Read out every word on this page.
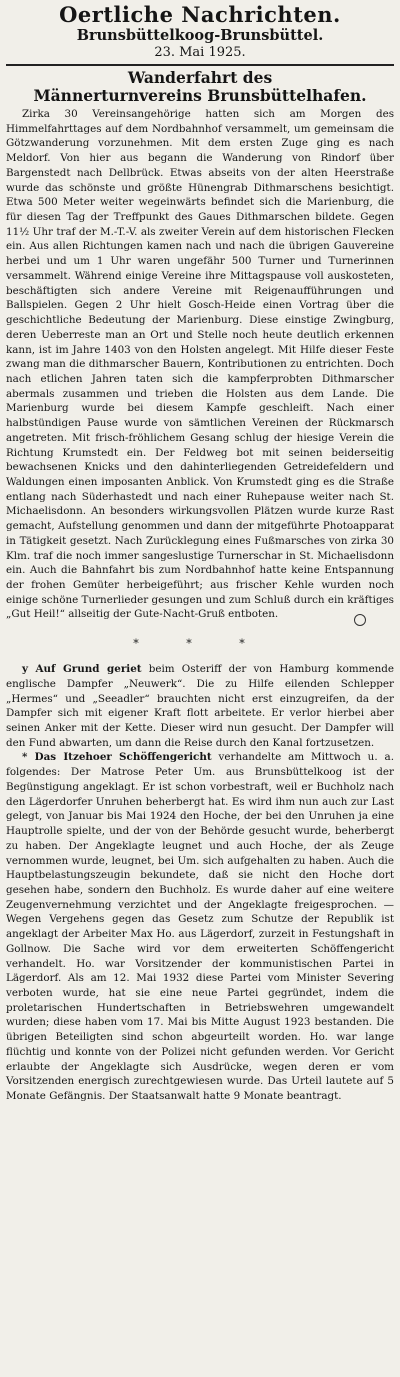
Oertliche Nachrichten.
Brunsbüttelkoog-Brunsbüttel.
23. Mai 1925.
Wanderfahrt des
Männerturnvereins Brunsbüttelhafen.

Zirka 30 Vereinsangehörige hatten sich am Morgen des Himmelfahrttages auf dem Nordbahnhof versammelt, um gemeinsam die Götzwanderung vorzunehmen. Mit dem ersten Zuge ging es nach Meldorf. Von hier aus begann die Wanderung von Rindorf über Bargenstedt nach Dellbrück. Etwas abseits von der alten Heerstraße wurde das schönste und größte Hünengrab Dithmarschens besichtigt. Etwa 500 Meter weiter wegeinwärts befindet sich die Marienburg, die für diesen Tag der Treffpunkt des Gaues Dithmarschen bildete. Gegen 11½ Uhr traf der M.-T.-V. als zweiter Verein auf dem historischen Flecken ein. Aus allen Richtungen kamen nach und nach die übrigen Gauvereine herbei und um 1 Uhr waren ungefähr 500 Turner und Turnerinnen versammelt. Während einige Vereine ihre Mittagspause voll auskosteten, beschäftigten sich andere Vereine mit Reigenaufführungen und Ballspielen. Gegen 2 Uhr hielt Gosch-Heide einen Vortrag über die geschichtliche Bedeutung der Marienburg. Diese einstige Zwingburg, deren Ueberreste man an Ort und Stelle noch heute deutlich erkennen kann, ist im Jahre 1403 von den Holsten angelegt. Mit Hilfe dieser Feste zwang man die dithmarscher Bauern, Kontributionen zu entrichten. Doch nach etlichen Jahren taten sich die kampferprobten Dithmarscher abermals zusammen und trieben die Holsten aus dem Lande. Die Marienburg wurde bei diesem Kampfe geschleift. Nach einer halbstündigen Pause wurde von sämtlichen Vereinen der Rückmarsch angetreten. Mit frisch-fröhlichem Gesang schlug der hiesige Verein die Richtung Krumstedt ein. Der Feldweg bot mit seinen beiderseitig bewachsenen Knicks und den dahinterliegenden Getreidefeldern und Waldungen einen imposanten Anblick. Von Krumstedt ging es die Straße entlang nach Süderhastedt und nach einer Ruhepause weiter nach St. Michaelisdonn. An besonders wirkungsvollen Plätzen wurde kurze Rast gemacht, Aufstellung genommen und dann der mitgeführte Photoapparat in Tätigkeit gesetzt. Nach Zurücklegung eines Fußmarsches von zirka 30 Klm. traf die noch immer sangeslustige Turnerschar in St. Michaelisdonn ein. Auch die Bahnfahrt bis zum Nordbahnhof hatte keine Entspannung der frohen Gemüter herbeigeführt; aus frischer Kehle wurden noch einige schöne Turnerlieder gesungen und zum Schluß durch ein kräftiges „Gut Heil!“ allseitig der Gute-Nacht-Gruß entboten.

* * *

y Auf Grund geriet beim Osteriff der von Hamburg kommende englische Dampfer „Neuwerk“. Die zu Hilfe eilenden Schlepper „Hermes“ und „Seeadler“ brauchten nicht erst einzugreifen, da der Dampfer sich mit eigener Kraft flott arbeitete. Er verlor hierbei aber seinen Anker mit der Kette. Dieser wird nun gesucht. Der Dampfer will den Fund abwarten, um dann die Reise durch den Kanal fortzusetzen.

* Das Itzehoer Schöffengericht verhandelte am Mittwoch u. a. folgendes: Der Matrose Peter Um. aus Brunsbüttelkoog ist der Begünstigung angeklagt. Er ist schon vorbestraft, weil er Buchholz nach den Lägerdorfer Unruhen beherbergt hat. Es wird ihm nun auch zur Last gelegt, von Januar bis Mai 1924 den Hoche, der bei den Unruhen ja eine Hauptrolle spielte, und der von der Behörde gesucht wurde, beherbergt zu haben. Der Angeklagte leugnet und auch Hoche, der als Zeuge vernommen wurde, leugnet, bei Um. sich aufgehalten zu haben. Auch die Hauptbelastungszeugin bekundete, daß sie nicht den Hoche dort gesehen habe, sondern den Buchholz. Es wurde daher auf eine weitere Zeugenvernehmung verzichtet und der Angeklagte freigesprochen. — Wegen Vergehens gegen das Gesetz zum Schutze der Republik ist angeklagt der Arbeiter Max Ho. aus Lägerdorf, zurzeit in Festungshaft in Gollnow. Die Sache wird vor dem erweiterten Schöffengericht verhandelt. Ho. war Vorsitzender der kommunistischen Partei in Lägerdorf. Als am 12. Mai 1932 diese Partei vom Minister Severing verboten wurde, hat sie eine neue Partei gegründet, indem die proletarischen Hundertschaften in Betriebswehren umgewandelt wurden; diese haben vom 17. Mai bis Mitte August 1923 bestanden. Die übrigen Beteiligten sind schon abgeurteilt worden. Ho. war lange flüchtig und konnte von der Polizei nicht gefunden werden. Vor Gericht erlaubte der Angeklagte sich Ausdrücke, wegen deren er vom Vorsitzenden energisch zurechtgewiesen wurde. Das Urteil lautete auf 5 Monate Gefängnis. Der Staatsanwalt hatte 9 Monate beantragt.
